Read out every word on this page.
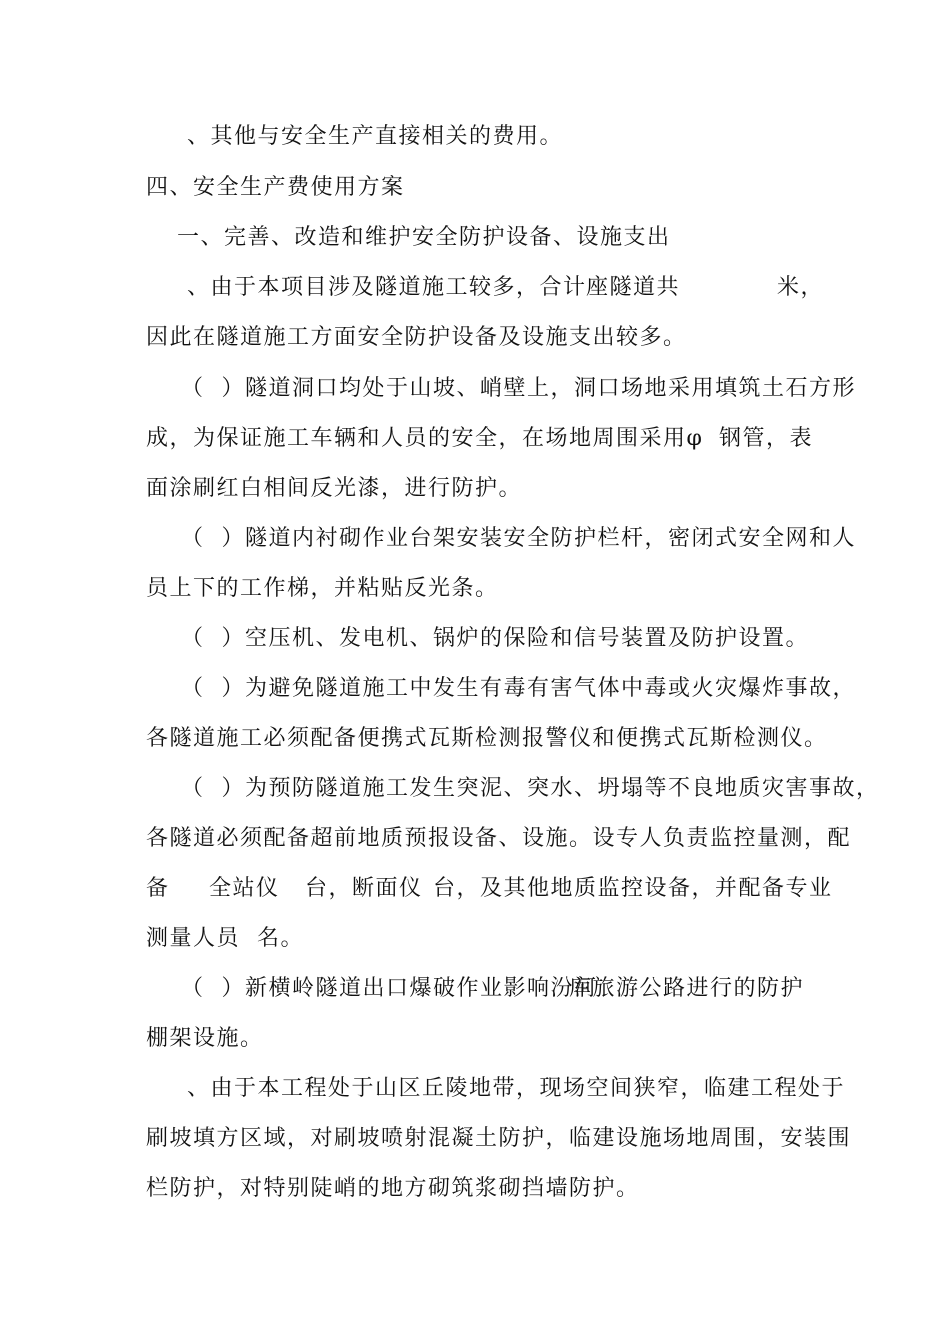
、其他与安全生产直接相关的费用。
四、安全生产费使用方案
一、完善、改造和维护安全防护设备、设施支出
、由于本项目涉及隧道施工较多，合计 座隧道共	米，
因此在隧道施工方面安全防护设备及设施支出较多。
（  ）隧道洞口均处于山坡、峭壁上，洞口场地采用填筑土石方形
成，为保证施工车辆和人员的安全，在场地周围采用φ 钢管，表
面涂刷红白相间反光漆，进行防护。
（  ）隧道内衬砌作业台架安装安全防护栏杆，密闭式安全网和人
员上下的工作梯，并粘贴反光条。
（  ）空压机、发电机、锅炉的保险和信号装置及防护设置。
（  ）为避免隧道施工中发生有毒有害气体中毒或火灾爆炸事故，
各隧道施工必须配备便携式瓦斯检测报警仪和便携式瓦斯检测仪。
（  ）为预防隧道施工发生突泥、突水、坍塌等不良地质灾害事故，
各隧道必须配备超前地质预报设备、设施。设专人负责监控量测，配
备 全站仪 台，断面仪 台，及其他地质监控设备，并配备专业
测量人员 名。
（  ）新横岭隧道出口爆破作业影响汾河
库旅游公路进行的防护
棚架设施。
、由于本工程处于山区丘陵地带，现场空间狭窄，临建工程处于
刷坡填方区域，对刷坡喷射混凝土防护，临建设施场地周围，安装围
栏防护，对特别陡峭的地方砌筑浆砌挡墙防护。
